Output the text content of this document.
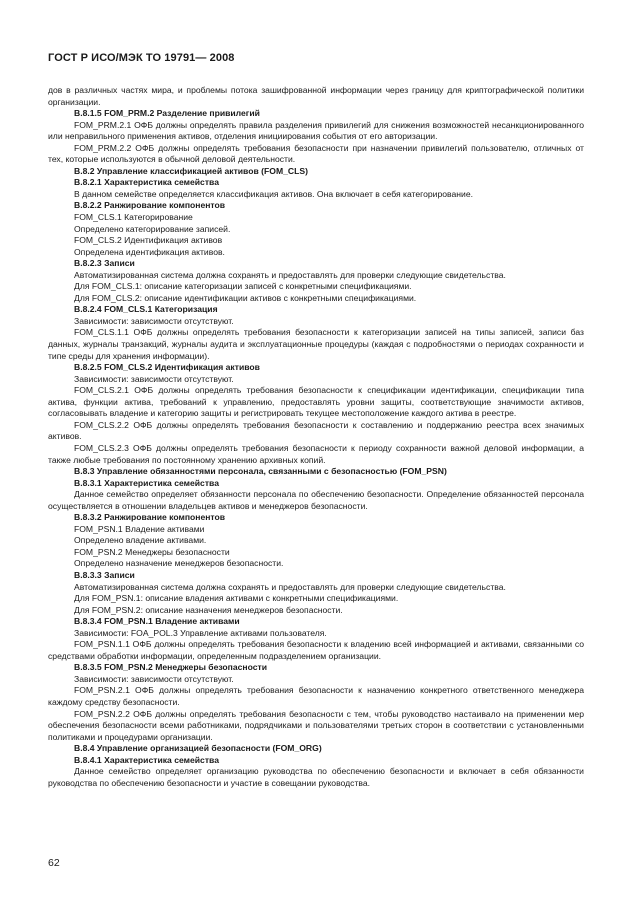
ГОСТ Р ИСО/МЭК ТО 19791— 2008

дов в различных частях мира, и проблемы потока зашифрованной информации через границу для криптографической политики организации.

B.8.1.5 FOM_PRM.2 Разделение привилегий

FOM_PRM.2.1 ОФБ должны определять правила разделения привилегий для снижения возможностей несанкционированного или неправильного применения активов, отделения инициирования события от его авторизации.

FOM_PRM.2.2 ОФБ должны определять требования безопасности при назначении привилегий пользователю, отличных от тех, которые используются в обычной деловой деятельности.

B.8.2 Управление классификацией активов (FOM_CLS)

B.8.2.1 Характеристика семейства

В данном семействе определяется классификация активов. Она включает в себя категорирование.

B.8.2.2 Ранжирование компонентов

FOM_CLS.1 Категорирование

Определено категорирование записей.

FOM_CLS.2 Идентификация активов

Определена идентификация активов.

B.8.2.3 Записи

Автоматизированная система должна сохранять и предоставлять для проверки следующие свидетельства.

Для FOM_CLS.1: описание категоризации записей с конкретными спецификациями.

Для FOM_CLS.2: описание идентификации активов с конкретными спецификациями.

B.8.2.4 FOM_CLS.1 Категоризация

Зависимости: зависимости отсутствуют.

FOM_CLS.1.1 ОФБ должны определять требования безопасности к категоризации записей на типы записей, записи баз данных, журналы транзакций, журналы аудита и эксплуатационные процедуры (каждая с подробностями о периодах сохранности и типе среды для хранения информации).

B.8.2.5 FOM_CLS.2 Идентификация активов

Зависимости: зависимости отсутствуют.

FOM_CLS.2.1 ОФБ должны определять требования безопасности к спецификации идентификации, спецификации типа актива, функции актива, требований к управлению, предоставлять уровни защиты, соответствующие значимости активов, согласовывать владение и категорию защиты и регистрировать текущее местоположение каждого актива в реестре.

FOM_CLS.2.2 ОФБ должны определять требования безопасности к составлению и поддержанию реестра всех значимых активов.

FOM_CLS.2.3 ОФБ должны определять требования безопасности к периоду сохранности важной деловой информации, а также любые требования по постоянному хранению архивных копий.

B.8.3 Управление обязанностями персонала, связанными с безопасностью (FOM_PSN)

B.8.3.1 Характеристика семейства

Данное семейство определяет обязанности персонала по обеспечению безопасности. Определение обязанностей персонала осуществляется в отношении владельцев активов и менеджеров безопасности.

B.8.3.2 Ранжирование компонентов

FOM_PSN.1 Владение активами

Определено владение активами.

FOM_PSN.2 Менеджеры безопасности

Определено назначение менеджеров безопасности.

B.8.3.3 Записи

Автоматизированная система должна сохранять и предоставлять для проверки следующие свидетельства.

Для FOM_PSN.1: описание владения активами с конкретными спецификациями.

Для FOM_PSN.2: описание назначения менеджеров безопасности.

B.8.3.4 FOM_PSN.1 Владение активами

Зависимости: FOA_POL.3 Управление активами пользователя.

FOM_PSN.1.1 ОФБ должны определять требования безопасности к владению всей информацией и активами, связанными со средствами обработки информации, определенным подразделением организации.

B.8.3.5 FOM_PSN.2 Менеджеры безопасности

Зависимости: зависимости отсутствуют.

FOM_PSN.2.1 ОФБ должны определять требования безопасности к назначению конкретного ответственного менеджера каждому средству безопасности.

FOM_PSN.2.2 ОФБ должны определять требования безопасности с тем, чтобы руководство настаивало на применении мер обеспечения безопасности всеми работниками, подрядчиками и пользователями третьих сторон в соответствии с установленными политиками и процедурами организации.

B.8.4 Управление организацией безопасности (FOM_ORG)

B.8.4.1 Характеристика семейства

Данное семейство определяет организацию руководства по обеспечению безопасности и включает в себя обязанности руководства по обеспечению безопасности и участие в совещании руководства.

62
